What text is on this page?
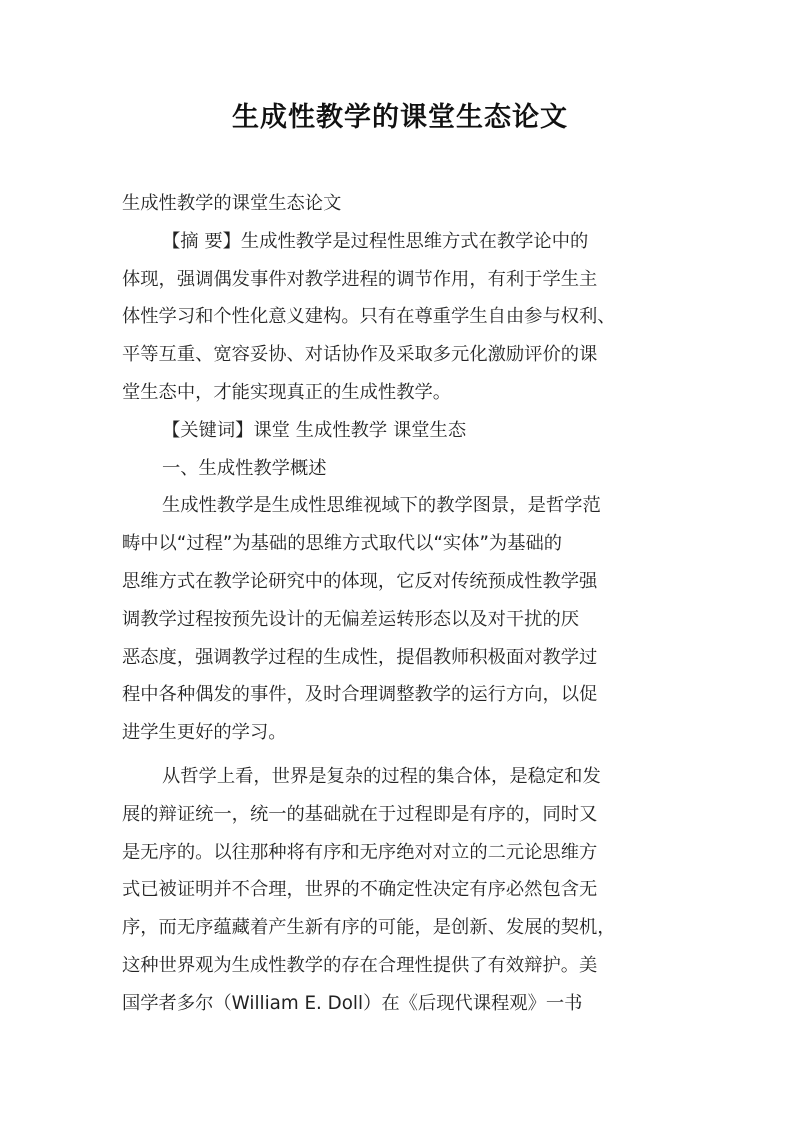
生成性教学的课堂生态论文
生成性教学的课堂生态论文
【摘 要】生成性教学是过程性思维方式在教学论中的
体现，强调偶发事件对教学进程的调节作用，有利于学生主
体性学习和个性化意义建构。只有在尊重学生自由参与权利、
平等互重、宽容妥协、对话协作及采取多元化激励评价的课
堂生态中，才能实现真正的生成性教学。
【关键词】课堂 生成性教学 课堂生态
一、生成性教学概述
生成性教学是生成性思维视域下的教学图景，是哲学范
畴中以“过程”为基础的思维方式取代以“实体”为基础的
思维方式在教学论研究中的体现，它反对传统预成性教学强
调教学过程按预先设计的无偏差运转形态以及对干扰的厌
恶态度，强调教学过程的生成性，提倡教师积极面对教学过
程中各种偶发的事件，及时合理调整教学的运行方向，以促
进学生更好的学习。
从哲学上看，世界是复杂的过程的集合体，是稳定和发
展的辩证统一，统一的基础就在于过程即是有序的，同时又
是无序的。以往那种将有序和无序绝对对立的二元论思维方
式已被证明并不合理，世界的不确定性决定有序必然包含无
序，而无序蕴藏着产生新有序的可能，是创新、发展的契机，
这种世界观为生成性教学的存在合理性提供了有效辩护。美
国学者多尔（William E. Doll）在《后现代课程观》一书
